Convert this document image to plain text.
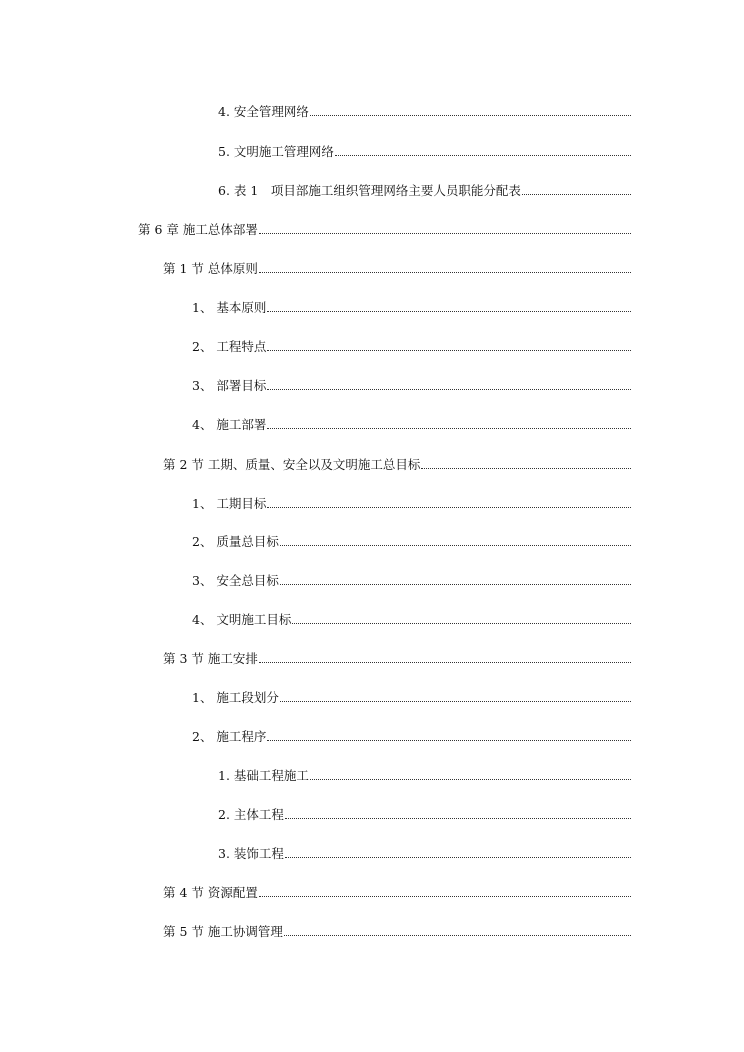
4. 安全管理网络
5. 文明施工管理网络
6. 表 1　项目部施工组织管理网络主要人员职能分配表
第 6 章 施工总体部署
第 1 节 总体原则
1、 基本原则
2、 工程特点
3、 部署目标
4、 施工部署
第 2 节 工期、质量、安全以及文明施工总目标
1、 工期目标
2、 质量总目标
3、 安全总目标
4、 文明施工目标
第 3 节 施工安排
1、 施工段划分
2、 施工程序
1. 基础工程施工
2. 主体工程
3. 装饰工程
第 4 节 资源配置
第 5 节 施工协调管理
